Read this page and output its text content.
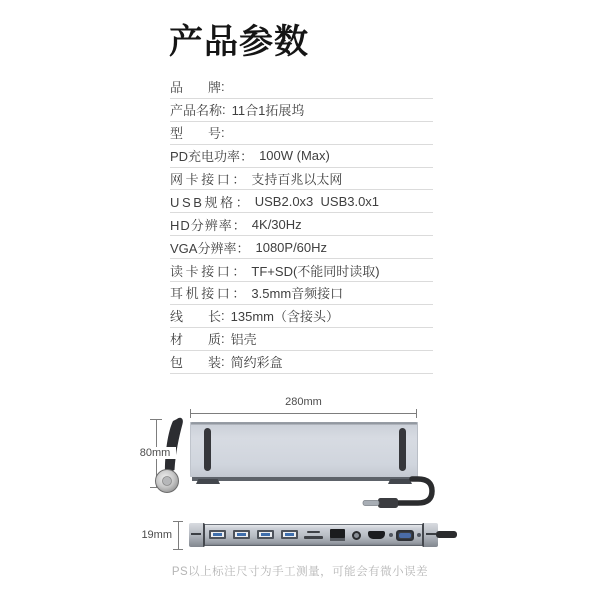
产品参数
品 牌 :
产品名称 : 11合1拓展坞
型 号 :
PD充电功率 ： 100W (Max)
网卡接口 ： 支持百兆以太网
USB规格 ： USB2.0x3  USB3.0x1
HD分辨率 ： 4K/30Hz
VGA分辨率 ： 1080P/60Hz
读卡接口 ： TF+SD(不能同时读取)
耳机接口 ： 3.5mm音频接口
线 长 : 135mm（含接头）
材 质 : 铝壳
包 装 : 简约彩盒
280mm
80mm
19mm
PS以上标注尺寸为手工测量，可能会有微小误差
